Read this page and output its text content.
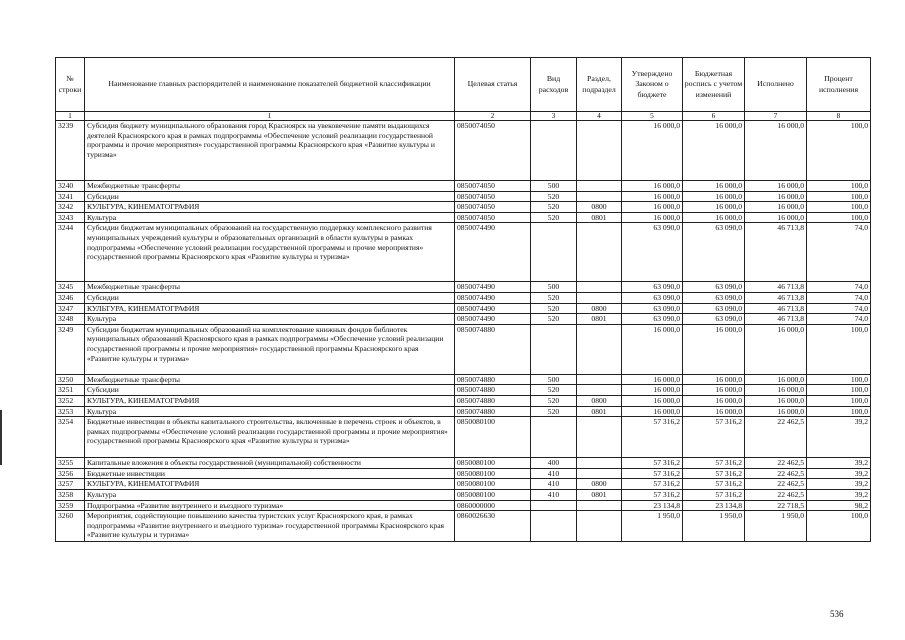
№ строки	Наименование главных распорядителей и наименование показателей бюджетной классификации	Целевая статья	Вид расходов	Раздел, подраздел	Утверждено Законом о бюджете	Бюджетная роспись с учетом изменений	Исполнено	Процент исполнения
1	1	2	3	4	5	6	7	8
3239	Субсидия бюджету муниципального образования город Красноярск на увековечение памяти выдающихся деятелей Красноярского края в рамках подпрограммы «Обеспечение условий реализации государственной программы и прочие мероприятия» государственной программы Красноярского края «Развитие культуры и туризма»	0850074050			16 000,0	16 000,0	16 000,0	100,0
3240	Межбюджетные трансферты	0850074050	500		16 000,0	16 000,0	16 000,0	100,0
3241	Субсидии	0850074050	520		16 000,0	16 000,0	16 000,0	100,0
3242	КУЛЬТУРА, КИНЕМАТОГРАФИЯ	0850074050	520	0800	16 000,0	16 000,0	16 000,0	100,0
3243	Культура	0850074050	520	0801	16 000,0	16 000,0	16 000,0	100,0
3244	Субсидии бюджетам муниципальных образований на государственную поддержку комплексного развития муниципальных учреждений культуры и образовательных организаций в области культуры в рамках подпрограммы «Обеспечение условий реализации государственной программы и прочие мероприятия» государственной программы Красноярского края «Развитие культуры и туризма»	0850074490			63 090,0	63 090,0	46 713,8	74,0
3245	Межбюджетные трансферты	0850074490	500		63 090,0	63 090,0	46 713,8	74,0
3246	Субсидии	0850074490	520		63 090,0	63 090,0	46 713,8	74,0
3247	КУЛЬТУРА, КИНЕМАТОГРАФИЯ	0850074490	520	0800	63 090,0	63 090,0	46 713,8	74,0
3248	Культура	0850074490	520	0801	63 090,0	63 090,0	46 713,8	74,0
3249	Субсидии бюджетам муниципальных образований на комплектование книжных фондов библиотек муниципальных образований Красноярского края в рамках подпрограммы «Обеспечение условий реализации государственной программы и прочие мероприятия» государственной программы Красноярского края «Развитие культуры и туризма»	0850074880			16 000,0	16 000,0	16 000,0	100,0
3250	Межбюджетные трансферты	0850074880	500		16 000,0	16 000,0	16 000,0	100,0
3251	Субсидии	0850074880	520		16 000,0	16 000,0	16 000,0	100,0
3252	КУЛЬТУРА, КИНЕМАТОГРАФИЯ	0850074880	520	0800	16 000,0	16 000,0	16 000,0	100,0
3253	Культура	0850074880	520	0801	16 000,0	16 000,0	16 000,0	100,0
3254	Бюджетные инвестиции в объекты капитального строительства, включенные в перечень строек и объектов, в рамках подпрограммы «Обеспечение условий реализации государственной программы и прочие мероприятия» государственной программы Красноярского края «Развитие культуры и туризма»	0850080100			57 316,2	57 316,2	22 462,5	39,2
3255	Капитальные вложения в объекты государственной (муниципальной) собственности	0850080100	400		57 316,2	57 316,2	22 462,5	39,2
3256	Бюджетные инвестиции	0850080100	410		57 316,2	57 316,2	22 462,5	39,2
3257	КУЛЬТУРА, КИНЕМАТОГРАФИЯ	0850080100	410	0800	57 316,2	57 316,2	22 462,5	39,2
3258	Культура	0850080100	410	0801	57 316,2	57 316,2	22 462,5	39,2
3259	Подпрограмма «Развитие внутреннего и въездного туризма»	0860000000			23 134,8	23 134,8	22 718,5	98,2
3260	Мероприятия, содействующие повышению качества туристских услуг Красноярского края, в рамках подпрограммы «Развитие внутреннего и въездного туризма» государственной программы Красноярского края «Развитие культуры и туризма»	0860026630			1 950,0	1 950,0	1 950,0	100,0
536
